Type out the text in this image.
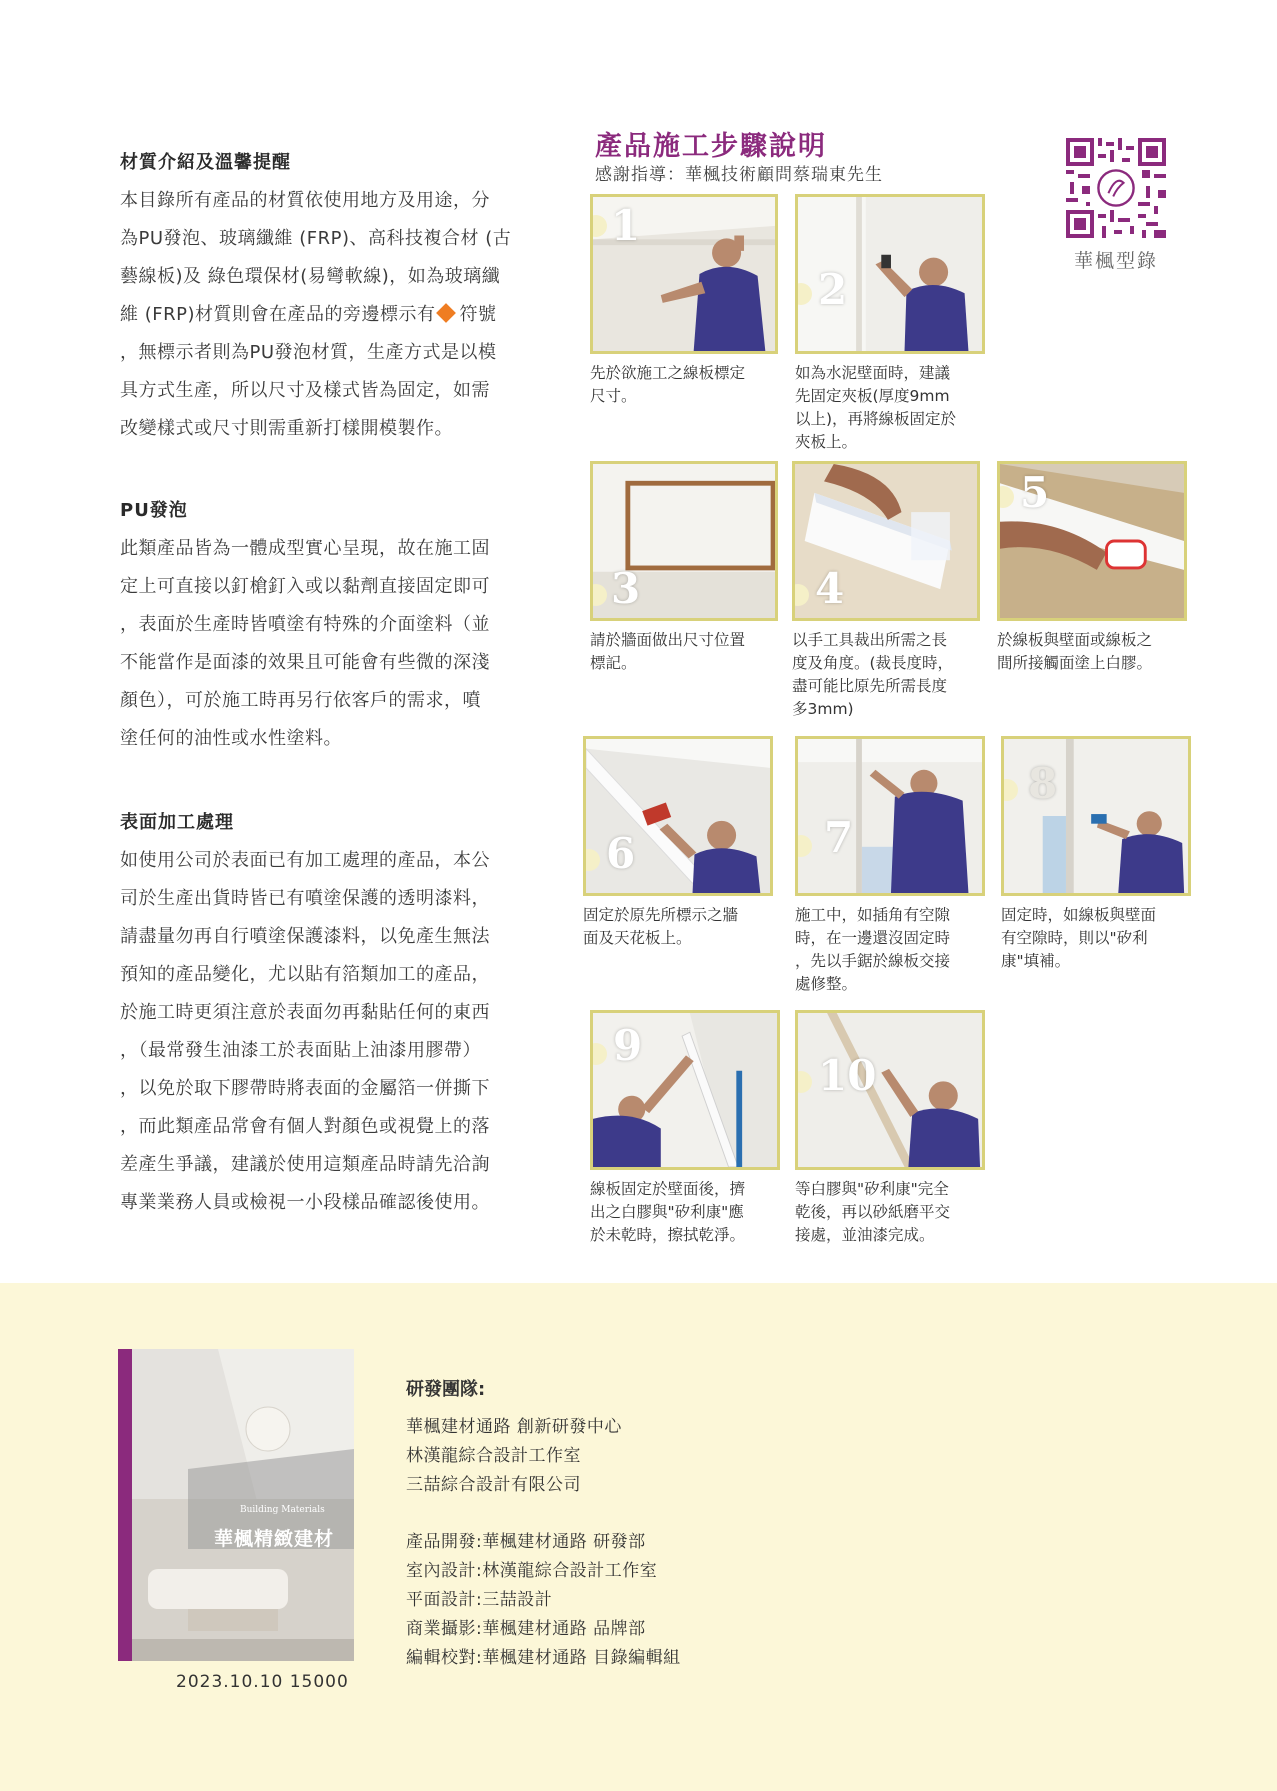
材質介紹及溫馨提醒
本目錄所有產品的材質依使用地方及用途，分
為PU發泡、玻璃纖維 (FRP)、高科技複合材 (古
藝線板)及 綠色環保材(易彎軟線)，如為玻璃纖
維 (FRP)材質則會在產品的旁邊標示有 符號
，無標示者則為PU發泡材質，生產方式是以模
具方式生產，所以尺寸及樣式皆為固定，如需
改變樣式或尺寸則需重新打樣開模製作。
PU發泡
此類產品皆為一體成型實心呈現，故在施工固
定上可直接以釘槍釘入或以黏劑直接固定即可
，表面於生產時皆噴塗有特殊的介面塗料（並
不能當作是面漆的效果且可能會有些微的深淺
顏色），可於施工時再另行依客戶的需求，噴
塗任何的油性或水性塗料。
表面加工處理
如使用公司於表面已有加工處理的產品，本公
司於生產出貨時皆已有噴塗保護的透明漆料，
請盡量勿再自行噴塗保護漆料，以免產生無法
預知的產品變化，尤以貼有箔類加工的產品，
於施工時更須注意於表面勿再黏貼任何的東西
，（最常發生油漆工於表面貼上油漆用膠帶）
，以免於取下膠帶時將表面的金屬箔一併撕下
，而此類產品常會有個人對顏色或視覺上的落
差產生爭議，建議於使用這類產品時請先洽詢
專業業務人員或檢視一小段樣品確認後使用。
產品施工步驟說明
感謝指導：華楓技術顧問蔡瑞東先生
華楓型錄
1
先於欲施工之線板標定
尺寸。
2
如為水泥壁面時，建議
先固定夾板(厚度9mm
以上)，再將線板固定於
夾板上。
3
請於牆面做出尺寸位置
標記。
4
以手工具裁出所需之長
度及角度。(裁長度時，
盡可能比原先所需長度
多3mm)
5
於線板與壁面或線板之
間所接觸面塗上白膠。
6
固定於原先所標示之牆
面及天花板上。
7
施工中，如插角有空隙
時，在一邊還沒固定時
，先以手鋸於線板交接
處修整。
8
固定時，如線板與壁面
有空隙時，則以"矽利
康"填補。
9
線板固定於壁面後，擠
出之白膠與"矽利康"應
於未乾時，擦拭乾淨。
10
等白膠與"矽利康"完全
乾後，再以砂紙磨平交
接處，並油漆完成。
Building Materials
華楓精緻建材
2023.10.10 15000
研發團隊:
華楓建材通路 創新研發中心
林漢龍綜合設計工作室
三喆綜合設計有限公司
產品開發:華楓建材通路 研發部
室內設計:林漢龍綜合設計工作室
平面設計:三喆設計
商業攝影:華楓建材通路 品牌部
編輯校對:華楓建材通路 目錄編輯組
